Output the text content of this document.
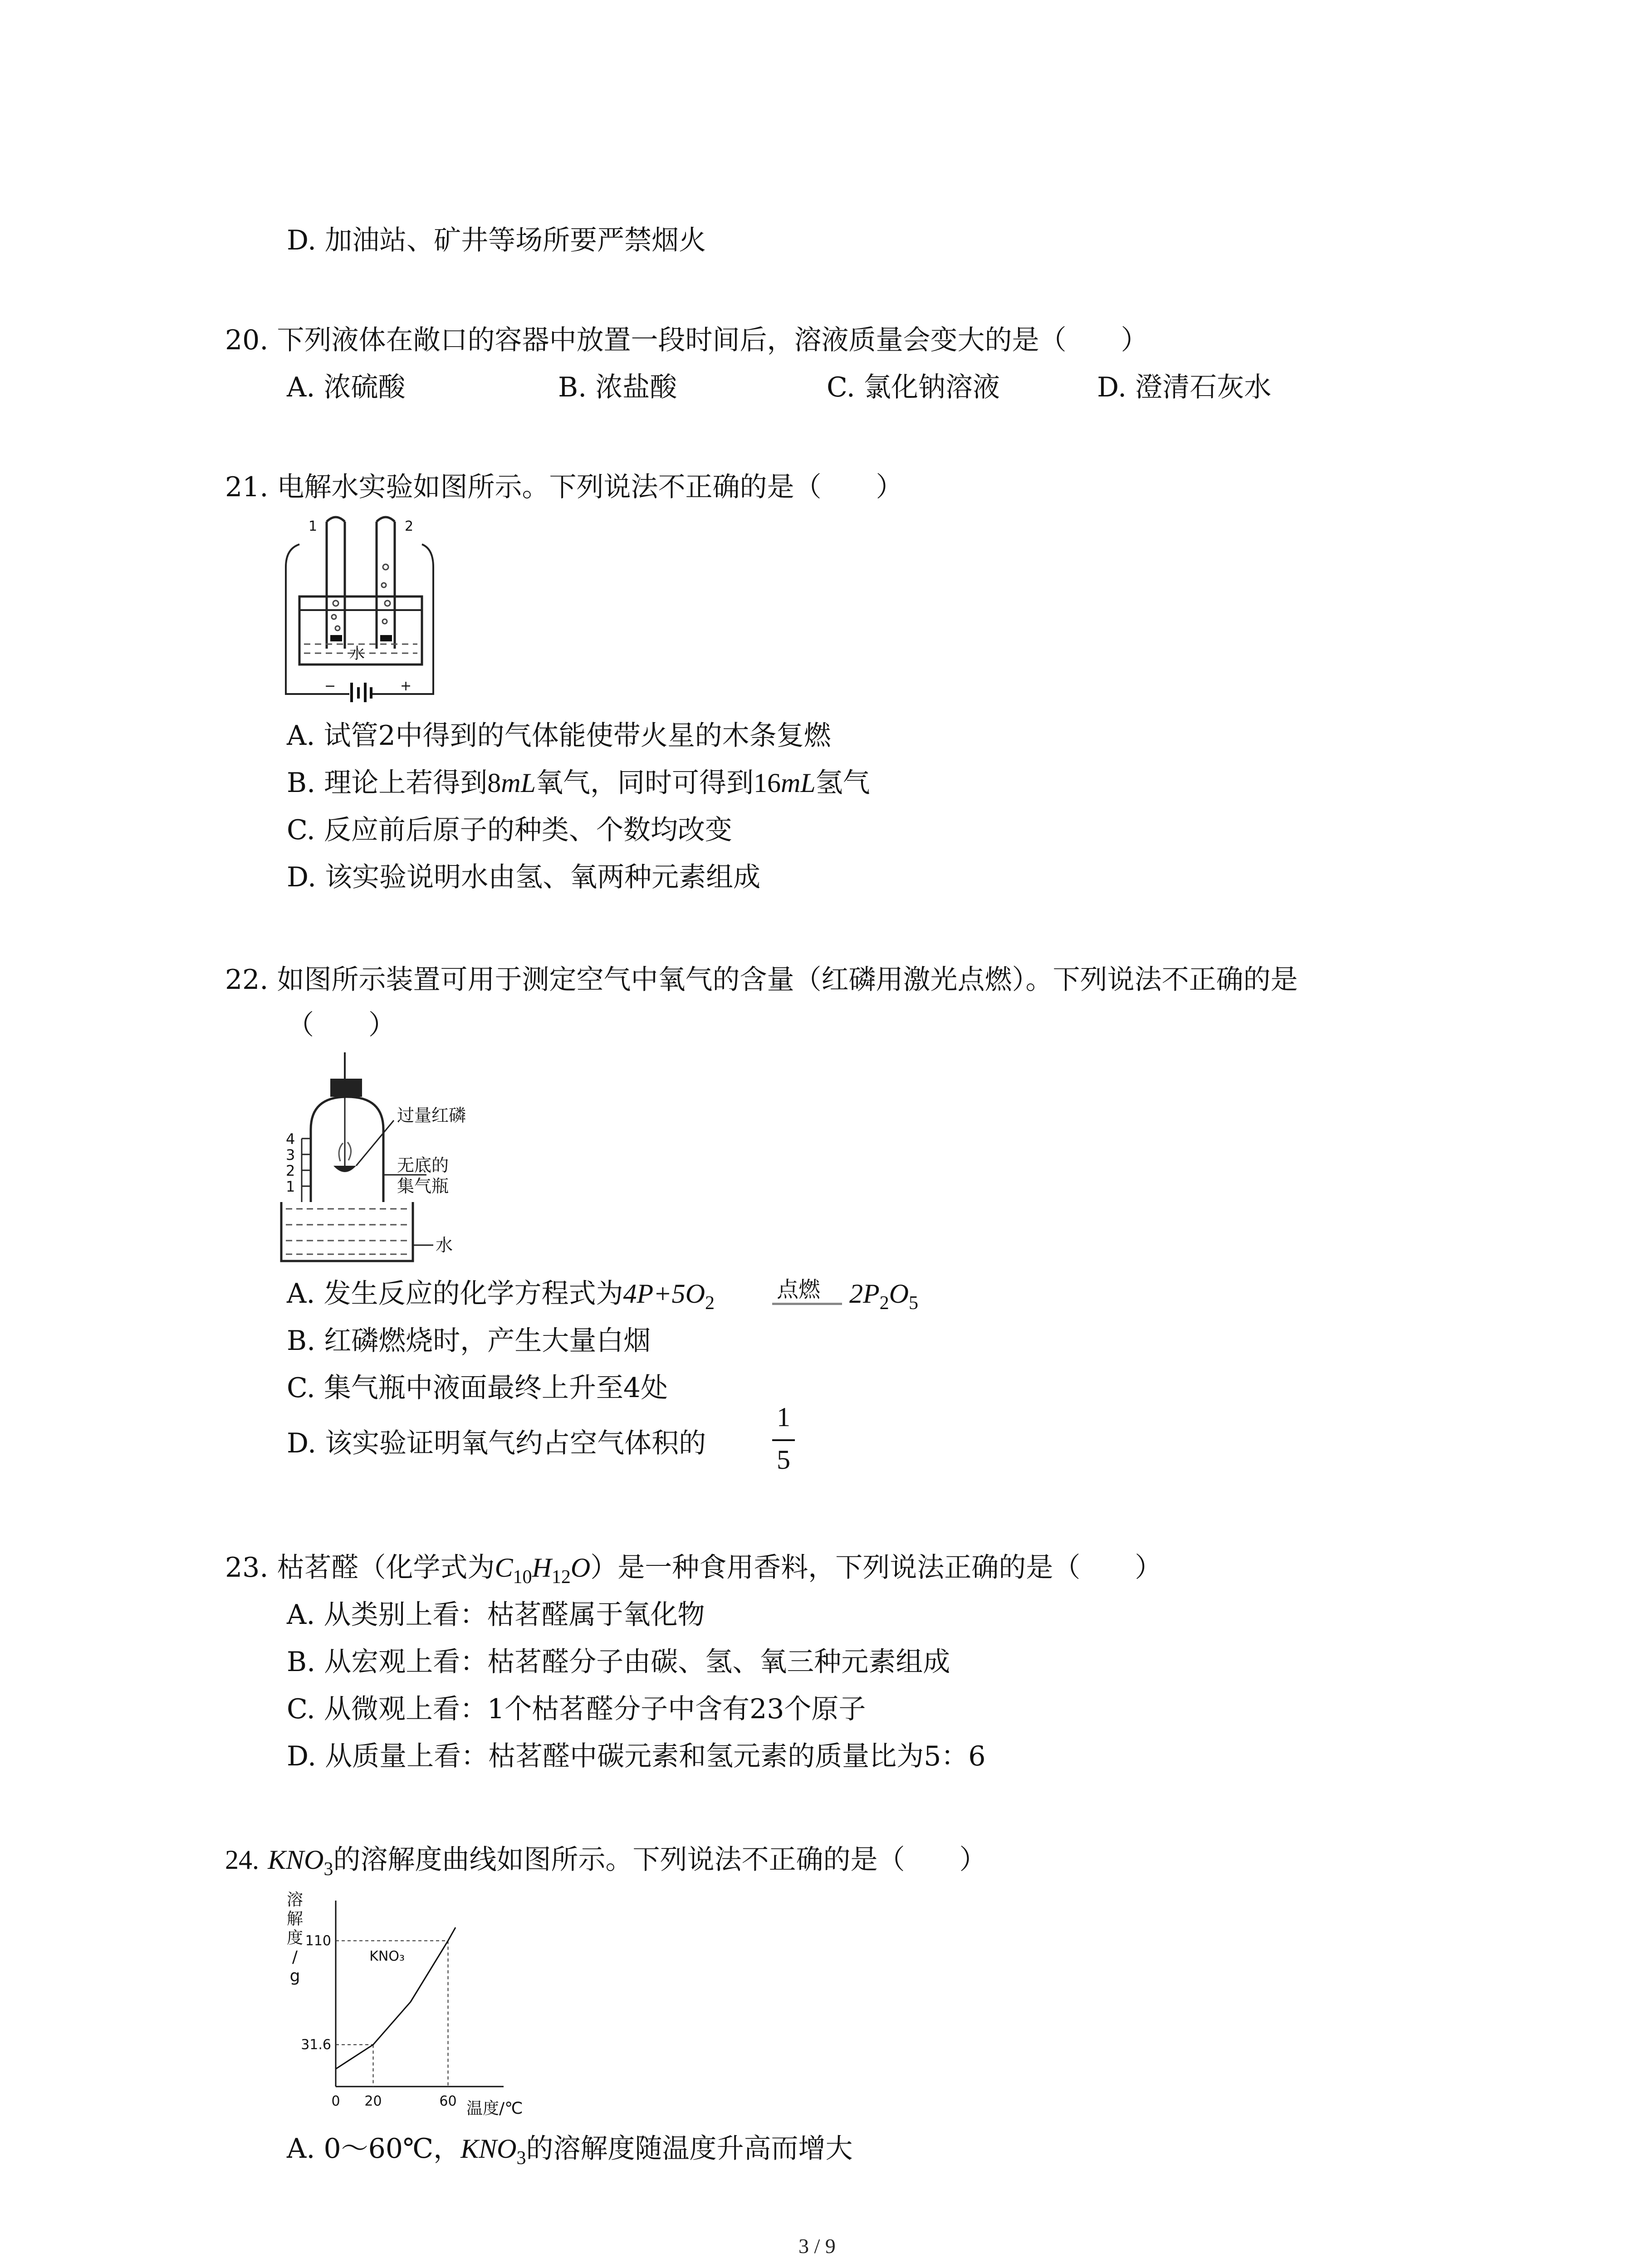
D. 加油站、矿井等场所要严禁烟火
20. 下列液体在敞口的容器中放置一段时间后，溶液质量会变大的是（　　）
A. 浓硫酸	B. 浓盐酸	C. 氯化钠溶液	D. 澄清石灰水
21. 电解水实验如图所示。下列说法不正确的是（　　）
1	2
水
−	+
A. 试管2中得到的气体能使带火星的木条复燃
B. 理论上若得到8mL氧气，同时可得到16mL氢气
C. 反应前后原子的种类、个数均改变
D. 该实验说明水由氢、氧两种元素组成
22. 如图所示装置可用于测定空气中氧气的含量（红磷用激光点燃）。下列说法不正确的是
（　　）
4
3
2
1
过量红磷
无底的
集气瓶
水
A. 发生反应的化学方程式为$4P+5O_2$
点燃 $2P_2O_5$
B. 红磷燃烧时，产生大量白烟
C. 集气瓶中液面最终上升至4处
D. 该实验证明氧气约占空气体积的
1
5
23. 枯茗醛（化学式为$C_{10}H_{12}O$）是一种食用香料，下列说法正确的是（　　）
A. 从类别上看：枯茗醛属于氧化物
B. 从宏观上看：枯茗醛分子由碳、氢、氧三种元素组成
C. 从微观上看：1个枯茗醛分子中含有23个原子
D. 从质量上看：枯茗醛中碳元素和氢元素的质量比为5：6
24. $KNO_3$的溶解度曲线如图所示。下列说法不正确的是（　　）
溶解度/ g
温度/℃
0 20	60
31.6
110
KNO₃
A. 0～60℃，$KNO_3$的溶解度随温度升高而增大
3 / 9
